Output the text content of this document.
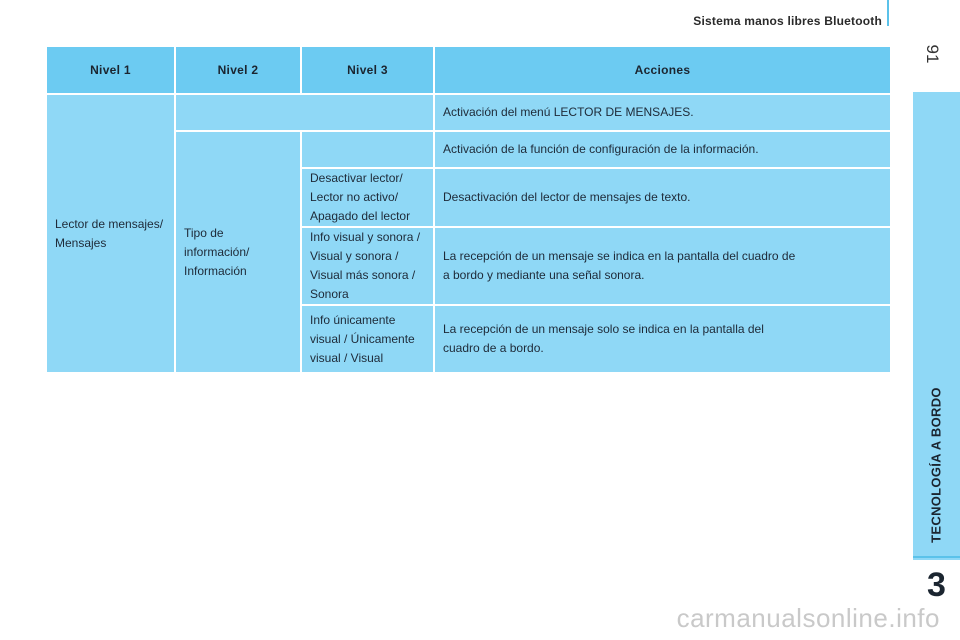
Sistema manos libres Bluetooth
91
TECNOLOGÍA A BORDO
3
Nivel 1	Nivel 2	Nivel 3	Acciones
Lector de mensajes/
Mensajes			Activación del menú LECTOR DE MENSAJES.
	Tipo de información/
Información		Activación de la función de configuración de la información.
		Desactivar lector/
Lector no activo/
Apagado del lector	Desactivación del lector de mensajes de texto.
		Info visual y sonora /
Visual y sonora /
Visual más sonora /
Sonora	La recepción de un mensaje se indica en la pantalla del cuadro de
a bordo y mediante una señal sonora.
		Info únicamente
visual / Únicamente
visual / Visual	La recepción de un mensaje solo se indica en la pantalla del
cuadro de a bordo.
carmanualsonline.info
